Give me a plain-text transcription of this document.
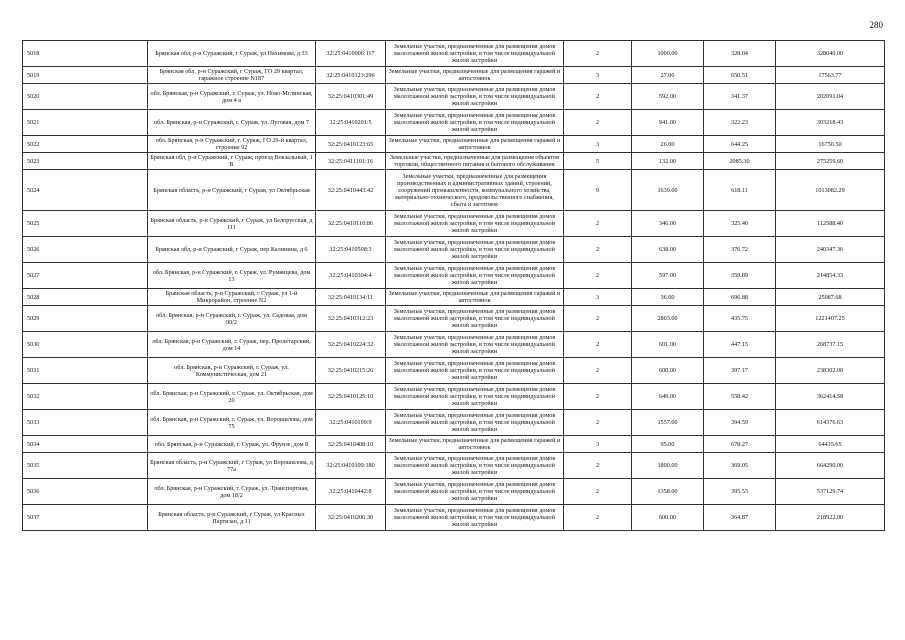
280
5018	Брянская обл, р-н Суражский, г Сураж, ул Нахимова, д 33	32:25:0410006:117	Земельные участки, предназначенные для размещения домов малоэтажной жилой застройки, в том числе индивидуальной жилой застройки	2	1000.00	328.04	328040.00
5019	Брянская обл, р-н Суражский, г Сураж, ГО 29 квартал, гаражное строение N187	32:25:0410123:296	Земельные участки, предназначенные для размещения гаражей и автостоянок	3	27.00	650.51	17563.77
5020	обл. Брянская, р-н Суражский, г. Сураж, ул. Ново-Мглинская, дом 4 а	32:25:0410301:49	Земельные участки, предназначенные для размещения домов малоэтажной жилой застройки, в том числе индивидуальной жилой застройки	2	592.00	341.37	202091.04
5021	обл. Брянская, р-н Суражский, г. Сураж, ул. Луговая, дом 7	32:25:0410201:5	Земельные участки, предназначенные для размещения домов малоэтажной жилой застройки, в том числе индивидуальной жилой застройки	2	941.00	322.23	303218.43
5022	обл. Брянская, р-н Суражский, г. Сураж, ГО 29-й квартал, строение 92	32:25:0410123:65	Земельные участки, предназначенные для размещения гаражей и автостоянок	3	26.00	644.25	16750.50
5023	Брянская обл, р-н Суражский, г Сураж, проезд Вокзальный, 1 В	32:25:0411101:16	Земельные участки, предназначенные для размещения объектов торговли, общественного питания и бытового обслуживания	5	132.00	2085.30	275259.60
5024	Брянская область, р-н Суражский, г Сураж, ул Октябрьская	32:25:0410443:42	Земельные участки, предназначенные для размещения производственных и административных зданий, строений, сооружений промышленности, коммунального хозяйства, материально-технического, продовольственного снабжения, сбыта и заготовок	9	1639.00	618.11	1013082.29
5025	Брянская область, р-н Суражский, г Сураж, ул Белорусская, д 111	32:25:0410110:86	Земельные участки, предназначенные для размещения домов малоэтажной жилой застройки, в том числе индивидуальной жилой застройки	2	346.00	325.40	112588.40
5026	Брянская обл, р-н Суражский, г Сураж, пер Калинина, д 6	32:25:0410508:3	Земельные участки, предназначенные для размещения домов малоэтажной жилой застройки, в том числе индивидуальной жилой застройки	2	638.00	376.72	240347.36
5027	обл. Брянская, р-н Суражский, г. Сураж, ул. Румянцева, дом 13	32:25:0410304:4	Земельные участки, предназначенные для размещения домов малоэтажной жилой застройки, в том числе индивидуальной жилой застройки	2	597.00	359.89	214854.33
5028	Брянская область, р-н Суражский, г Сураж, ул 1-й Микрорайон, строение N2	32:25:0410134:11	Земельные участки, предназначенные для размещения гаражей и автостоянок	3	36.00	696.88	25087.68
5029	обл. Брянская, р-н Суражский, г. Сураж, ул. Садовая, дом 90/2	32:25:0410312:23	Земельные участки, предназначенные для размещения домов малоэтажной жилой застройки, в том числе индивидуальной жилой застройки	2	2803.00	435.75	1221407.25
5030	обл. Брянская, р-н Суражский, г. Сураж, пер. Пролетарский, дом 14	32:25:0410224:32	Земельные участки, предназначенные для размещения домов малоэтажной жилой застройки, в том числе индивидуальной жилой застройки	2	601.00	447.15	268737.15
5031	обл. Брянская, р-н Суражский, г. Сураж, ул. Коммунистическая, дом 21	32:25:0410215:26	Земельные участки, предназначенные для размещения домов малоэтажной жилой застройки, в том числе индивидуальной жилой застройки	2	600.00	397.17	238302.00
5032	обл. Брянская, р-н Суражский, г. Сураж, ул. Октябрьская, дом 20	32:25:0410125:10	Земельные участки, предназначенные для размещения домов малоэтажной жилой застройки, в том числе индивидуальной жилой застройки	2	649.00	558.42	362414.58
5033	обл. Брянская, р-н Суражский, г. Сураж, ул. Ворошилова, дом 75	32:25:0410109:9	Земельные участки, предназначенные для размещения домов малоэтажной жилой застройки, в том числе индивидуальной жилой застройки	2	1557.00	394.59	614376.63
5034	обл. Брянская, р-н Суражский, г. Сураж, ул. Фрунзе, дом 8	32:25:0410408:10	Земельные участки, предназначенные для размещения гаражей и автостоянок	3	95.00	678.27	64435.65
5035	Брянская область, р-н Суражский, г Сураж, ул Ворошилова, д 77а	32:25:0410109:180	Земельные участки, предназначенные для размещения домов малоэтажной жилой застройки, в том числе индивидуальной жилой застройки	2	1800.00	369.05	664290.00
5036	обл. Брянская, р-н Суражский, г. Сураж, ул. Транспортная, дом 18/2	32:25:0410442:8	Земельные участки, предназначенные для размещения домов малоэтажной жилой застройки, в том числе индивидуальной жилой застройки	2	1358.00	395.53	537129.74
5037	Брянская область, р-н Суражский, г Сураж, ул Красных Партизан, д 11	32:25:0410206:30	Земельные участки, предназначенные для размещения домов малоэтажной жилой застройки, в том числе индивидуальной жилой застройки	2	600.00	364.87	218922.00
